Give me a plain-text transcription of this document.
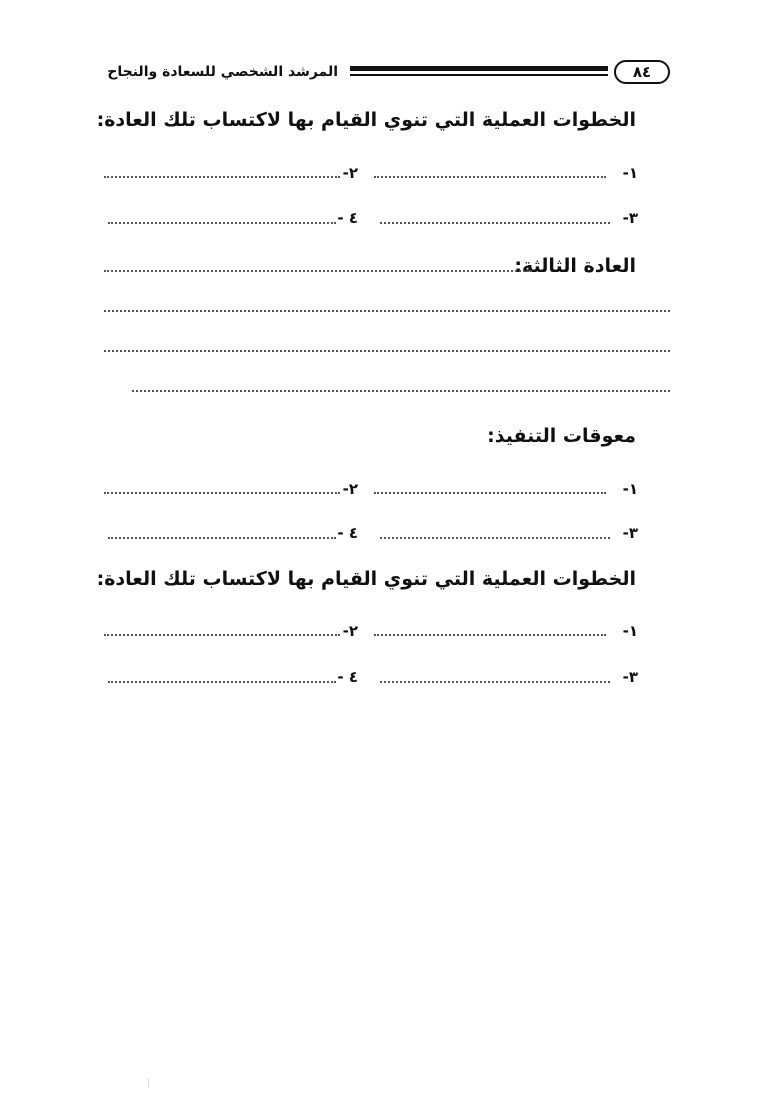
٨٤
المرشد الشخصي للسعادة والنجاح
الخطوات العملية التي تنوي القيام بها لاكتساب تلك العادة:
١-
٢-
٣-
٤ -
العادة الثالثة:
معوقات التنفيذ:
١-
٢-
٣-
٤ -
الخطوات العملية التي تنوي القيام بها لاكتساب تلك العادة:
١-
٢-
٣-
٤ -
